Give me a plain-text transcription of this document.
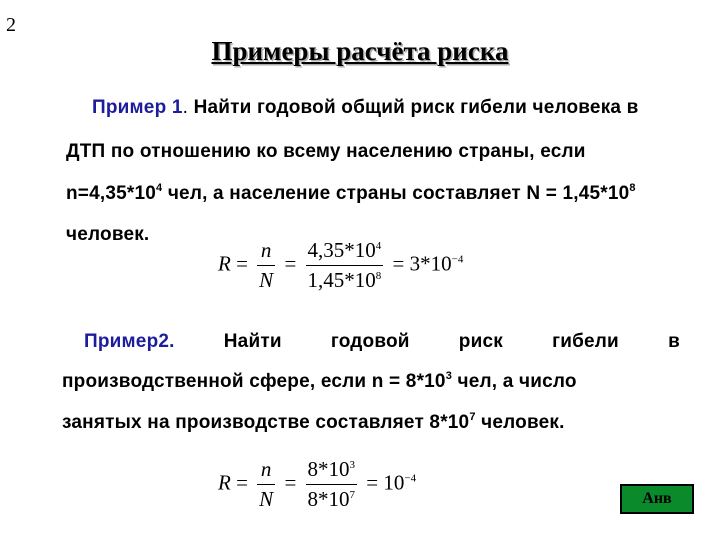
2
Примеры расчёта риска
Пример 1. Найти годовой общий риск гибели человека в
ДТП по отношению ко всему населению страны, если
$n=4,35*10^4$ чел, а население страны составляет $N = 1,45*10^8$
человек.
$R = \frac{n}{N} = \frac{4,35*10^4}{1,45*10^8} = 3*10^{-4}$
Пример2.	Найти	годовой	риск	гибели	в
производственной сфере, если $n = 8*10^3$ чел, а число
занятых на производстве составляет $8*10^7$ человек.
$R = \frac{n}{N} = \frac{8*10^3}{8*10^7} = 10^{-4}$
Анв
